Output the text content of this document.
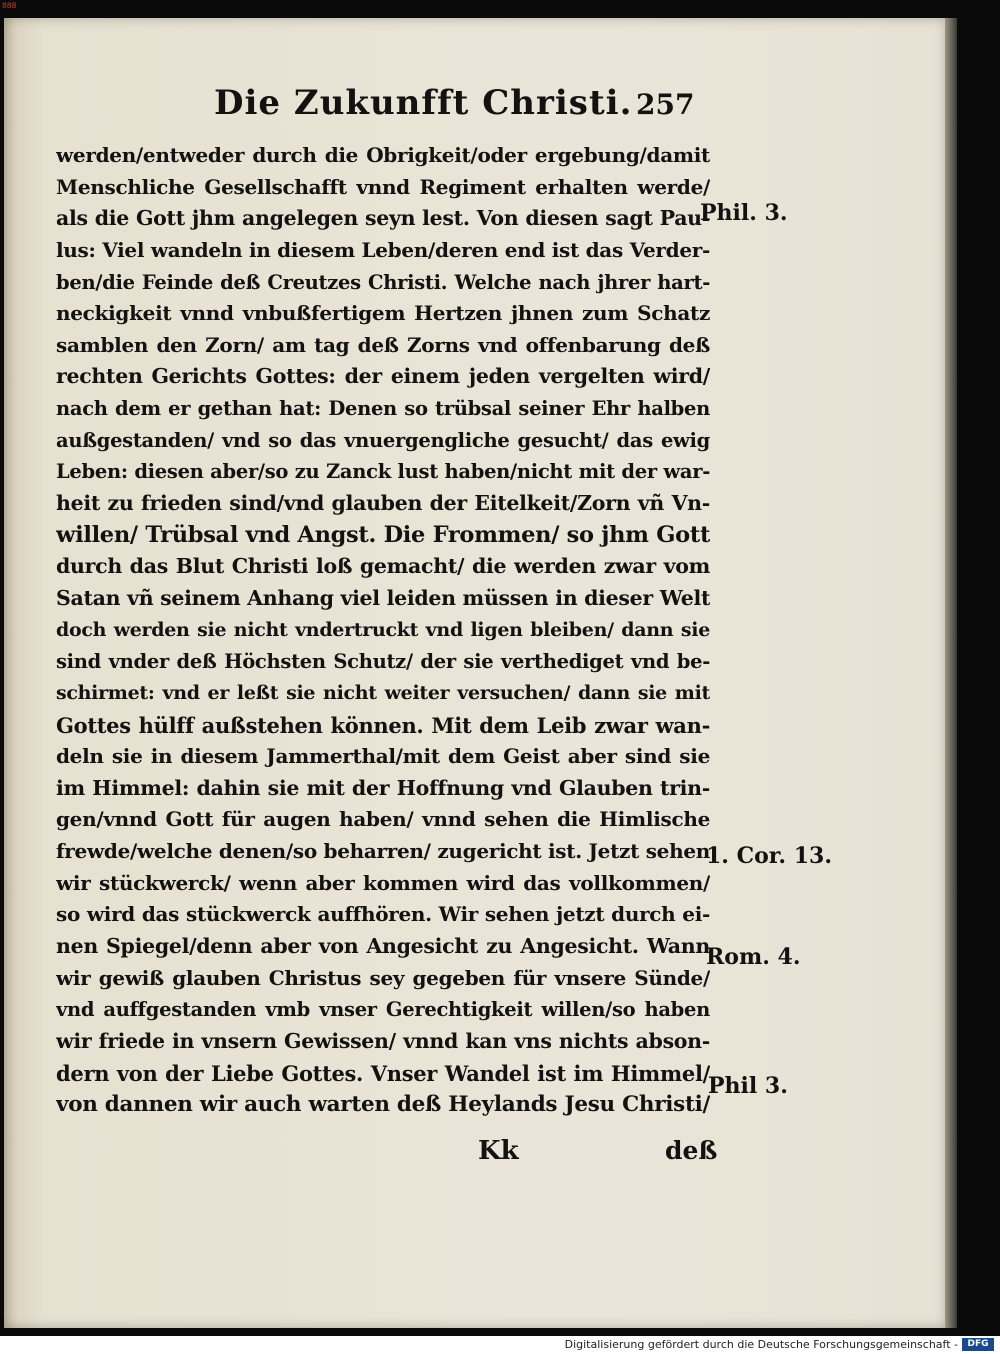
888
Die Zukunfft Christi. 257
werden/entweder durch die Obrigkeit/oder ergebung/damit
Menschliche Gesellschafft vnnd Regiment erhalten werde/
als die Gott jhm angelegen seyn lest. Von diesen sagt Pau-
lus: Viel wandeln in diesem Leben/deren end ist das Verder-
ben/die Feinde deß Creutzes Christi. Welche nach jhrer hart-
neckigkeit vnnd vnbußfertigem Hertzen jhnen zum Schatz
samblen den Zorn/ am tag deß Zorns vnd offenbarung deß
rechten Gerichts Gottes: der einem jeden vergelten wird/
nach dem er gethan hat: Denen so trübsal seiner Ehr halben
außgestanden/ vnd so das vnuergengliche gesucht/ das ewig
Leben: diesen aber/so zu Zanck lust haben/nicht mit der war-
heit zu frieden sind/vnd glauben der Eitelkeit/Zorn vñ Vn-
willen/ Trübsal vnd Angst. Die Frommen/ so jhm Gott
durch das Blut Christi loß gemacht/ die werden zwar vom
Satan vñ seinem Anhang viel leiden müssen in dieser Welt
doch werden sie nicht vndertruckt vnd ligen bleiben/ dann sie
sind vnder deß Höchsten Schutz/ der sie verthediget vnd be-
schirmet: vnd er leßt sie nicht weiter versuchen/ dann sie mit
Gottes hülff außstehen können. Mit dem Leib zwar wan-
deln sie in diesem Jammerthal/mit dem Geist aber sind sie
im Himmel: dahin sie mit der Hoffnung vnd Glauben trin-
gen/vnnd Gott für augen haben/ vnnd sehen die Himlische
frewde/welche denen/so beharren/ zugericht ist. Jetzt sehen
wir stückwerck/ wenn aber kommen wird das vollkommen/
so wird das stückwerck auffhören. Wir sehen jetzt durch ei-
nen Spiegel/denn aber von Angesicht zu Angesicht. Wann
wir gewiß glauben Christus sey gegeben für vnsere Sünde/
vnd auffgestanden vmb vnser Gerechtigkeit willen/so haben
wir friede in vnsern Gewissen/ vnnd kan vns nichts abson-
dern von der Liebe Gottes. Vnser Wandel ist im Himmel/
von dannen wir auch warten deß Heylands Jesu Christi/
Phil. 3.
1. Cor. 13.
Rom. 4.
Phil 3.
Kk	deß
Digitalisierung gefördert durch die Deutsche Forschungsgemeinschaft -	DFG
